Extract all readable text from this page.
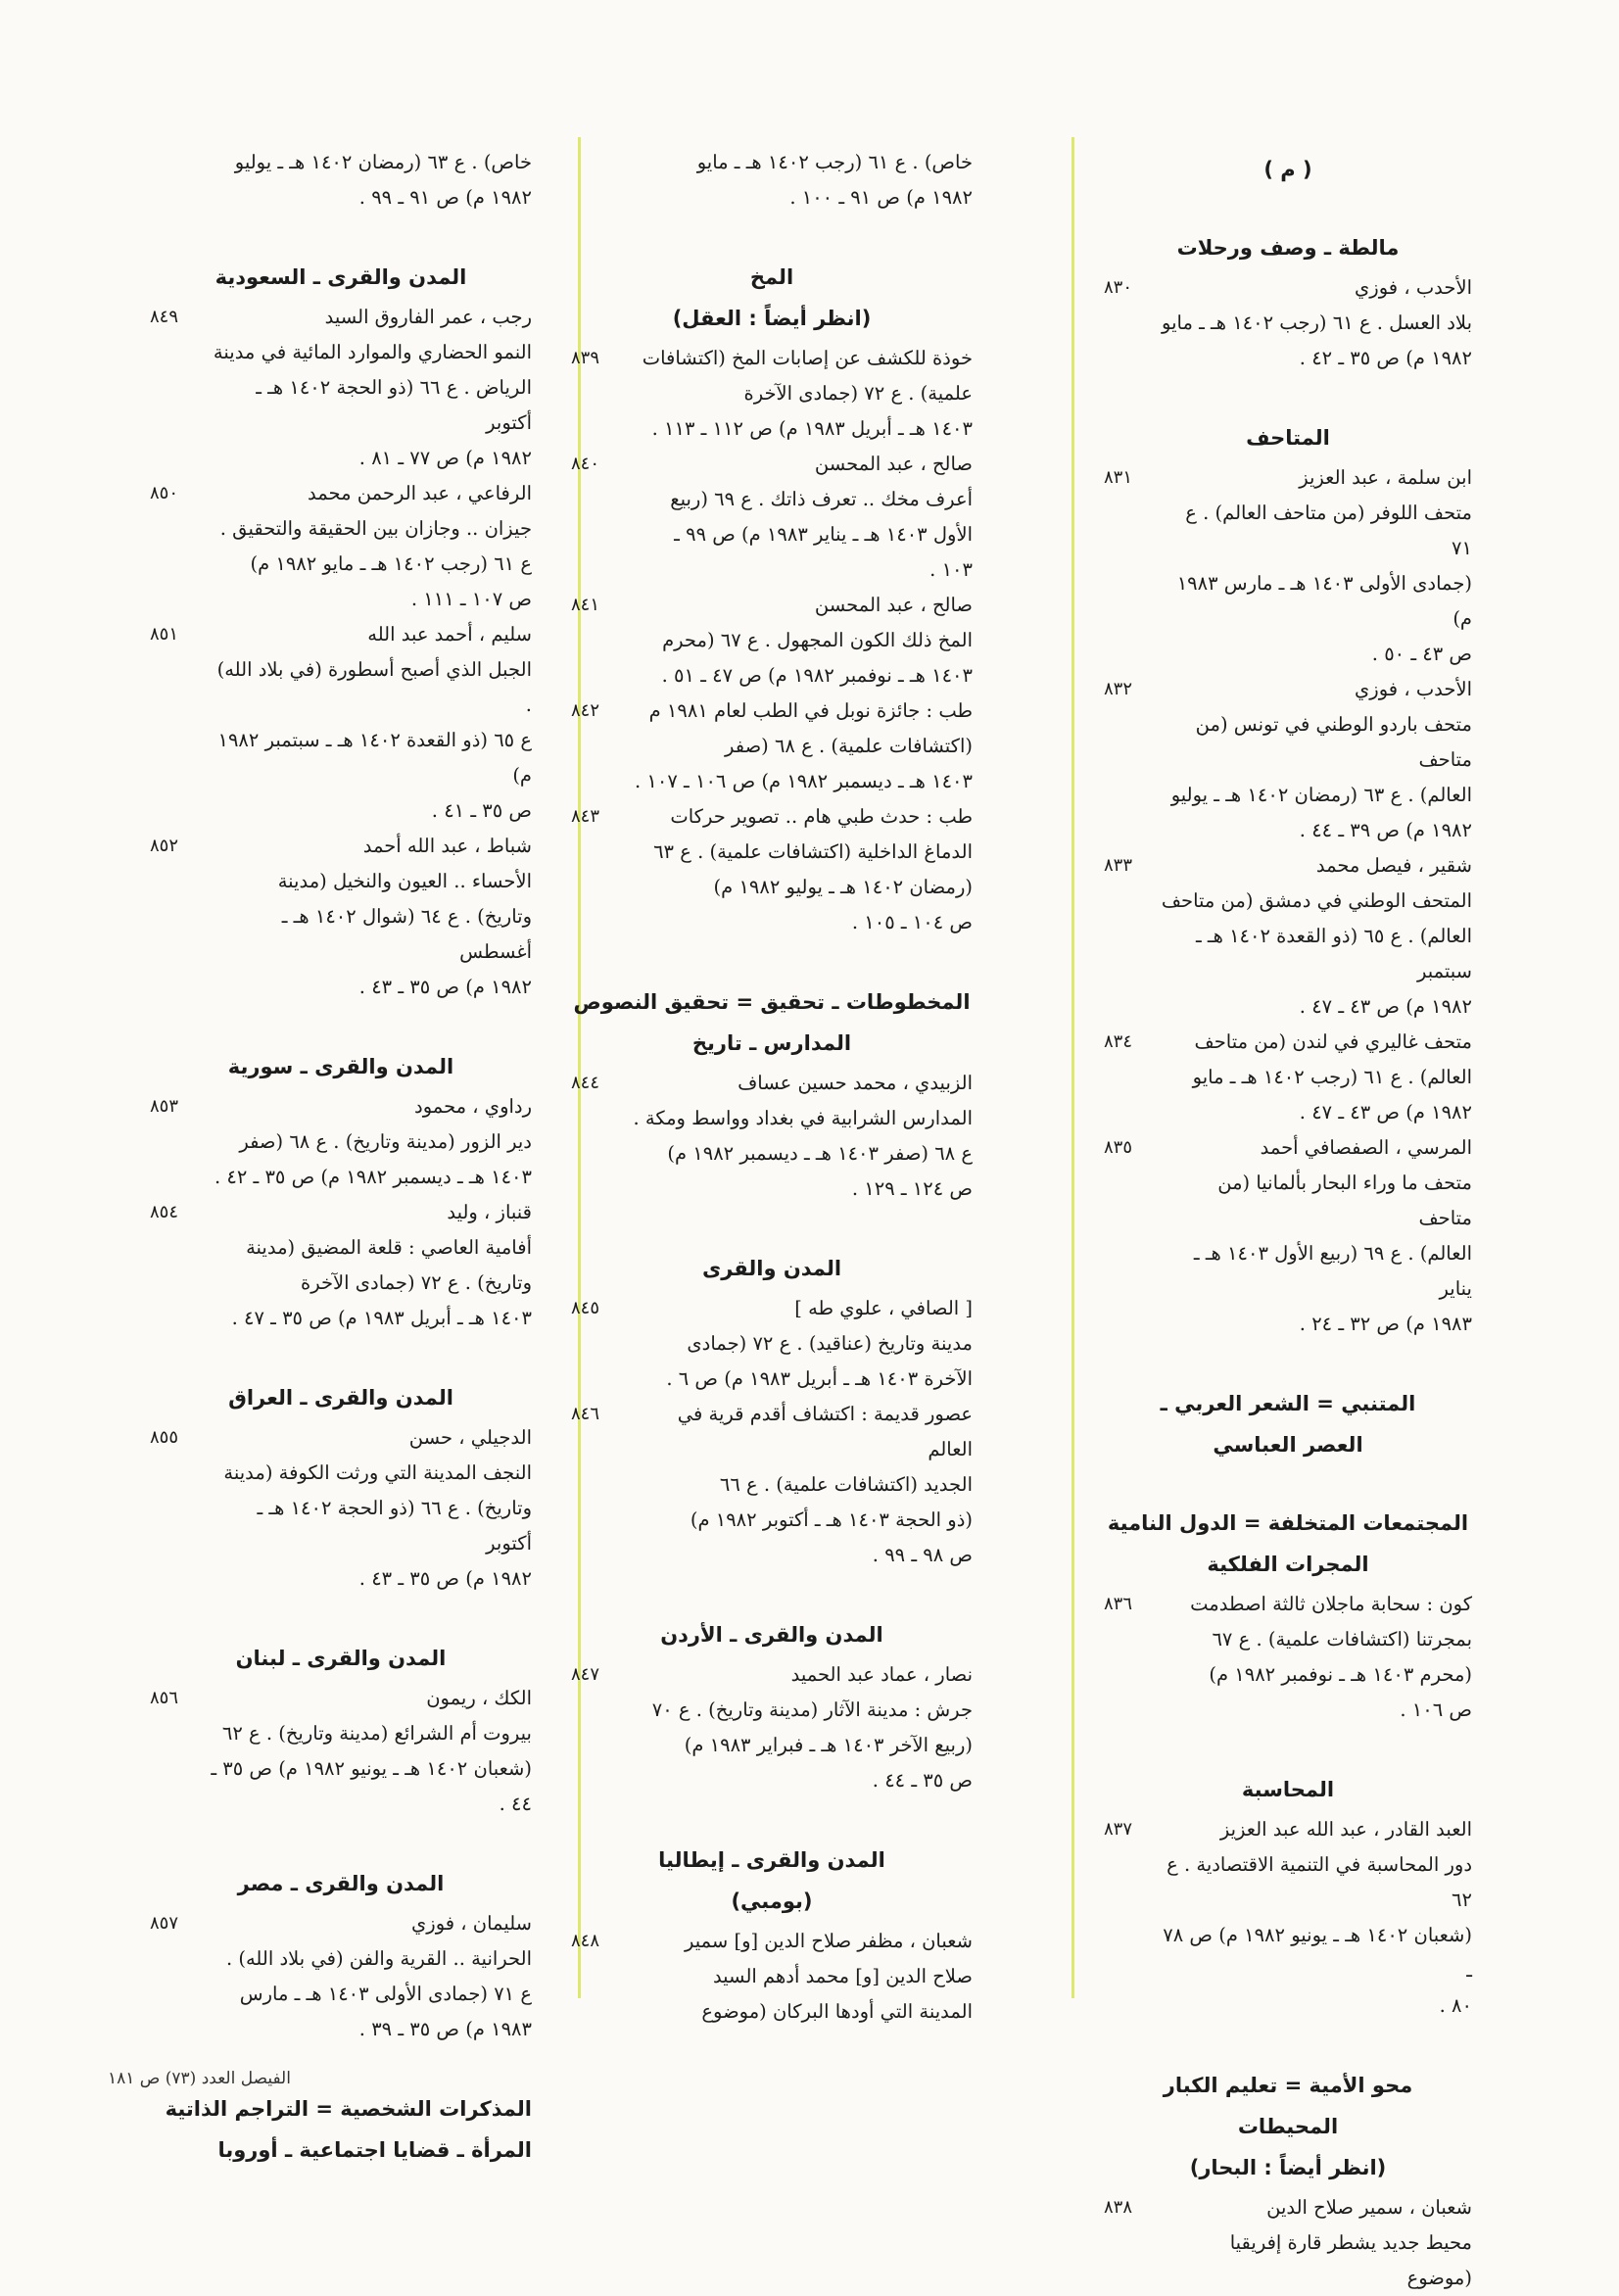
( م )
مالطة ـ وصف ورحلات
٨٣٠	الأحدب ، فوزي
بلاد العسل . ع ٦١ (رجب ١٤٠٢ هـ ـ مايو
١٩٨٢ م) ص ٣٥ ـ ٤٢ .
المتاحف
٨٣١	ابن سلمة ، عبد العزيز
متحف اللوفر (من متاحف العالم) . ع ٧١
(جمادى الأولى ١٤٠٣ هـ ـ مارس ١٩٨٣ م)
ص ٤٣ ـ ٥٠ .
٨٣٢	الأحدب ، فوزي
متحف باردو الوطني في تونس (من متاحف
العالم) . ع ٦٣ (رمضان ١٤٠٢ هـ ـ يوليو
١٩٨٢ م) ص ٣٩ ـ ٤٤ .
٨٣٣	شقير ، فيصل محمد
المتحف الوطني في دمشق (من متاحف
العالم) . ع ٦٥ (ذو القعدة ١٤٠٢ هـ ـ سبتمبر
١٩٨٢ م) ص ٤٣ ـ ٤٧ .
٨٣٤	متحف غاليري في لندن (من متاحف
العالم) . ع ٦١ (رجب ١٤٠٢ هـ ـ مايو
١٩٨٢ م) ص ٤٣ ـ ٤٧ .
٨٣٥	المرسي ، الصفصافي أحمد
متحف ما وراء البحار بألمانيا (من متاحف
العالم) . ع ٦٩ (ربيع الأول ١٤٠٣ هـ ـ يناير
١٩٨٣ م) ص ٣٢ ـ ٢٤ .
المتنبي = الشعر العربي ـ
العصر العباسي
المجتمعات المتخلفة = الدول النامية
المجرات الفلكية
٨٣٦	كون : سحابة ماجلان ثالثة اصطدمت
بمجرتنا (اكتشافات علمية) . ع ٦٧
(محرم ١٤٠٣ هـ ـ نوفمبر ١٩٨٢ م)
ص ١٠٦ .
المحاسبة
٨٣٧	العبد القادر ، عبد الله عبد العزيز
دور المحاسبة في التنمية الاقتصادية . ع ٦٢
(شعبان ١٤٠٢ هـ ـ يونيو ١٩٨٢ م) ص ٧٨ ـ
٨٠ .
محو الأمية = تعليم الكبار
المحيطات
(انظر أيضاً : البحار)
٨٣٨	شعبان ، سمير صلاح الدين
محيط جديد يشطر قارة إفريقيا (موضوع
خاص) . ع ٦١ (رجب ١٤٠٢ هـ ـ مايو
١٩٨٢ م) ص ٩١ ـ ١٠٠ .
المخ
(انظر أيضاً : العقل)
٨٣٩	خوذة للكشف عن إصابات المخ (اكتشافات
علمية) . ع ٧٢ (جمادى الآخرة
١٤٠٣ هـ ـ أبريل ١٩٨٣ م) ص ١١٢ ـ ١١٣ .
٨٤٠	صالح ، عبد المحسن
أعرف مخك .. تعرف ذاتك . ع ٦٩ (ربيع
الأول ١٤٠٣ هـ ـ يناير ١٩٨٣ م) ص ٩٩ ـ
١٠٣ .
٨٤١	صالح ، عبد المحسن
المخ ذلك الكون المجهول . ع ٦٧ (محرم
١٤٠٣ هـ ـ نوفمبر ١٩٨٢ م) ص ٤٧ ـ ٥١ .
٨٤٢	طب : جائزة نوبل في الطب لعام ١٩٨١ م
(اكتشافات علمية) . ع ٦٨ (صفر
١٤٠٣ هـ ـ ديسمبر ١٩٨٢ م) ص ١٠٦ ـ ١٠٧ .
٨٤٣	طب : حدث طبي هام .. تصوير حركات
الدماغ الداخلية (اكتشافات علمية) . ع ٦٣
(رمضان ١٤٠٢ هـ ـ يوليو ١٩٨٢ م)
ص ١٠٤ ـ ١٠٥ .
المخطوطات ـ تحقيق = تحقيق النصوص
المدارس ـ تاريخ
٨٤٤	الزبيدي ، محمد حسين عساف
المدارس الشرابية في بغداد وواسط ومكة .
ع ٦٨ (صفر ١٤٠٣ هـ ـ ديسمبر ١٩٨٢ م)
ص ١٢٤ ـ ١٢٩ .
المدن والقرى
٨٤٥	[ الصافي ، علوي طه ]
مدينة وتاريخ (عناقيد) . ع ٧٢ (جمادى
الآخرة ١٤٠٣ هـ ـ أبريل ١٩٨٣ م) ص ٦ .
٨٤٦	عصور قديمة : اكتشاف أقدم قرية في العالم
الجديد (اكتشافات علمية) . ع ٦٦
(ذو الحجة ١٤٠٣ هـ ـ أكتوبر ١٩٨٢ م)
ص ٩٨ ـ ٩٩ .
المدن والقرى ـ الأردن
٨٤٧	نصار ، عماد عبد الحميد
جرش : مدينة الآثار (مدينة وتاريخ) . ع ٧٠
(ربيع الآخر ١٤٠٣ هـ ـ فبراير ١٩٨٣ م)
ص ٣٥ ـ ٤٤ .
المدن والقرى ـ إيطاليا
(بومبي)
٨٤٨	شعبان ، مظفر صلاح الدين [و] سمير
صلاح الدين [و] محمد أدهم السيد
المدينة التي أودها البركان (موضوع
خاص) . ع ٦٣ (رمضان ١٤٠٢ هـ ـ يوليو
١٩٨٢ م) ص ٩١ ـ ٩٩ .
المدن والقرى ـ السعودية
٨٤٩	رجب ، عمر الفاروق السيد
النمو الحضاري والموارد المائية في مدينة
الرياض . ع ٦٦ (ذو الحجة ١٤٠٢ هـ ـ أكتوبر
١٩٨٢ م) ص ٧٧ ـ ٨١ .
٨٥٠	الرفاعي ، عبد الرحمن محمد
جيزان .. وجازان بين الحقيقة والتحقيق .
ع ٦١ (رجب ١٤٠٢ هـ ـ مايو ١٩٨٢ م)
ص ١٠٧ ـ ١١١ .
٨٥١	سليم ، أحمد عبد الله
الجبل الذي أصبح أسطورة (في بلاد الله) .
ع ٦٥ (ذو القعدة ١٤٠٢ هـ ـ سبتمبر ١٩٨٢ م)
ص ٣٥ ـ ٤١ .
٨٥٢	شباط ، عبد الله أحمد
الأحساء .. العيون والنخيل (مدينة
وتاريخ) . ع ٦٤ (شوال ١٤٠٢ هـ ـ أغسطس
١٩٨٢ م) ص ٣٥ ـ ٤٣ .
المدن والقرى ـ سورية
٨٥٣	رداوي ، محمود
دير الزور (مدينة وتاريخ) . ع ٦٨ (صفر
١٤٠٣ هـ ـ ديسمبر ١٩٨٢ م) ص ٣٥ ـ ٤٢ .
٨٥٤	قنباز ، وليد
أفامية العاصي : قلعة المضيق (مدينة
وتاريخ) . ع ٧٢ (جمادى الآخرة
١٤٠٣ هـ ـ أبريل ١٩٨٣ م) ص ٣٥ ـ ٤٧ .
المدن والقرى ـ العراق
٨٥٥	الدجيلي ، حسن
النجف المدينة التي ورثت الكوفة (مدينة
وتاريخ) . ع ٦٦ (ذو الحجة ١٤٠٢ هـ ـ أكتوبر
١٩٨٢ م) ص ٣٥ ـ ٤٣ .
المدن والقرى ـ لبنان
٨٥٦	الكك ، ريمون
بيروت أم الشرائع (مدينة وتاريخ) . ع ٦٢
(شعبان ١٤٠٢ هـ ـ يونيو ١٩٨٢ م) ص ٣٥ ـ
٤٤ .
المدن والقرى ـ مصر
٨٥٧	سليمان ، فوزي
الحرانية .. القرية والفن (في بلاد الله) .
ع ٧١ (جمادى الأولى ١٤٠٣ هـ ـ مارس
١٩٨٣ م) ص ٣٥ ـ ٣٩ .
المذكرات الشخصية = التراجم الذاتية
المرأة ـ قضايا اجتماعية ـ أوروبا
الفيصل العدد (٧٣) ص ١٨١
